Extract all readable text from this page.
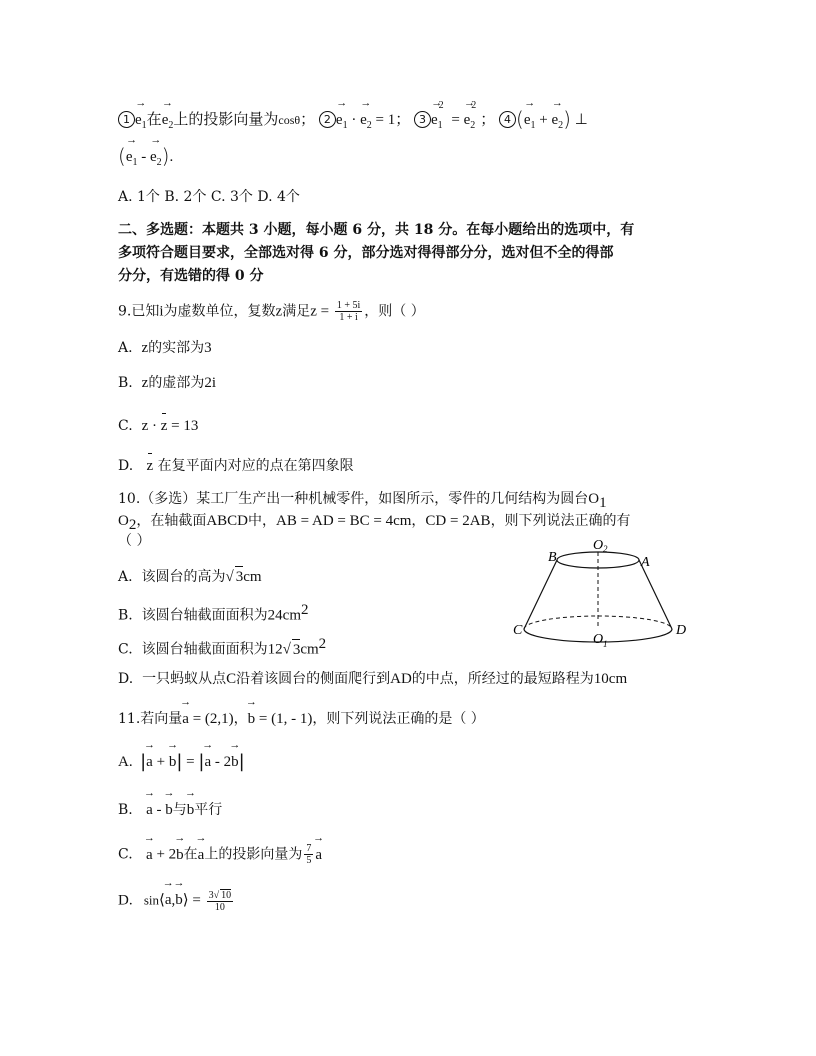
$1\to e_1$在→ $e_2$上的投影向量为cosθ； $2\to e_1$ · → $e_2 = 1$； $3\to e_1^2$ = → $e_2^2$； 4 (→ $e_1$ + → $e_2$) ⊥
(→ $e_1$ - → $e_2$).
A. 1个 B. 2个 C. 3个 D. 4个
二、多选题：本题共 3 小题，每小题 6 分，共 18 分。在每小题给出的选项中，有
多项符合题目要求，全部选对得 6 分，部分选对得得部分分，选对但不全的得部
分分，有选错的得 0 分
9.已知i为虚数单位，复数z满足$z = \frac{1 + 5i}{1 + i}$ ，则（ ）
A. z的实部为3
B. z的虚部为2i
C. z · z = 13
D. z 在复平面内对应的点在第四象限
10.（多选）某工厂生产出一种机械零件，如图所示，零件的几何结构为圆台$O_1$
$O_2$，在轴截面ABCD中，AB = AD = BC = 4cm，CD = 2AB，则下列说法正确的有
（ ）
A. 该圆台的高为√ 3cm
B. 该圆台轴截面面积为$24cm^2$
C. 该圆台轴截面面积为12√ $3cm^2$
D. 一只蚂蚁从点C沿着该圆台的侧面爬行到AD的中点，所经过的最短路程为10cm
B	A
C	D
O 2
O 1
11.若向量→ a = (2,1)，→ b = (1, - 1)，则下列说法正确的是（ ）
A. |→ a + → b| = |→ a - 2→ b|
B.   → a - → b与→ b平行
C.   → a + 2→ b在→ a上的投影向量为 $\frac{7}{5}$
→ a
D. sin⟨→ a,→ b⟩ = $\frac{3√ 10}{10}$
